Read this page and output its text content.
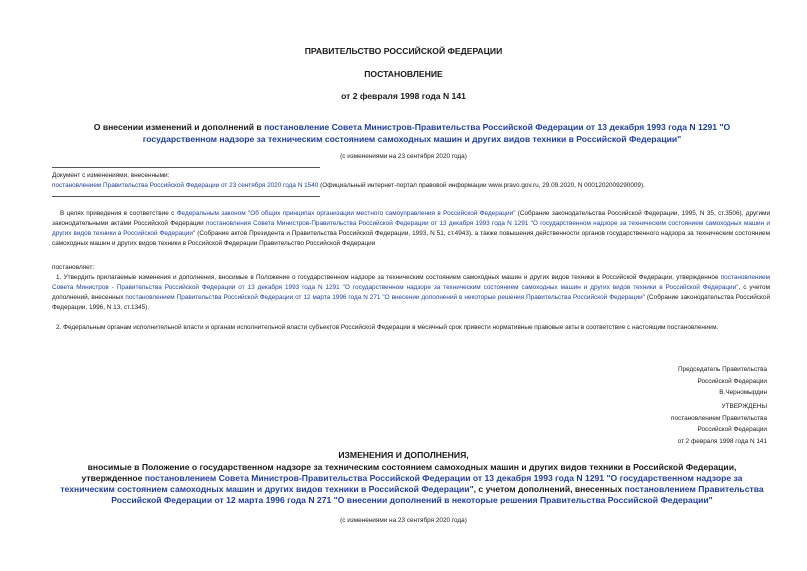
ПРАВИТЕЛЬСТВО РОССИЙСКОЙ ФЕДЕРАЦИИ
ПОСТАНОВЛЕНИЕ
от 2 февраля 1998 года N 141
О внесении изменений и дополнений в постановление Совета Министров-Правительства Российской Федерации от 13 декабря 1993 года N 1291 "О государственном надзоре за техническим состоянием самоходных машин и других видов техники в Российской Федерации"
(с изменениями на 23 сентября 2020 года)
Документ с изменениями, внесенными:
постановлением Правительства Российской Федерации от 23 сентября 2020 года N 1540 (Официальный интернет-портал правовой информации www.pravo.gov.ru, 29.09.2020, N 0001202009290009).
В целях приведения в соответствие с Федеральным законом "Об общих принципах организации местного самоуправления в Российской Федерации" (Собрание законодательства Российской Федерации, 1995, N 35, ст.3506), другими законодательными актами Российской Федерации постановления Совета Министров-Правительства Российской Федерации от 13 декабря 1993 года N 1291 "О государственном надзоре за техническим состоянием самоходных машин и других видов техники в Российской Федерации" (Собрание актов Президента и Правительства Российской Федерации, 1993, N 51, ст.4943), а также повышения действенности органов государственного надзора за техническим состоянием самоходных машин и других видов техники в Российской Федерации Правительство Российской Федерации
постановляет:
1. Утвердить прилагаемые изменения и дополнения, вносимые в Положение о государственном надзоре за техническим состоянием самоходных машин и других видов техники в Российской Федерации, утвержденное постановлением Совета Министров - Правительства Российской Федерации от 13 декабря 1993 года N 1291 "О государственном надзоре за техническим состоянием самоходных машин и других видов техники в Российской Федерации", с учетом дополнений, внесенных постановлением Правительства Российской Федерации от 12 марта 1996 года N 271 "О внесении дополнений в некоторые решения Правительства Российской Федерации" (Собрание законодательства Российской Федерации, 1996, N 13, ст.1345).
2. Федеральным органам исполнительной власти и органам исполнительной власти субъектов Российской Федерации в месячный срок привести нормативные правовые акты в соответствие с настоящим постановлением.
Председатель Правительства
Российской Федерации
В.Черномырдин
УТВЕРЖДЕНЫ
постановлением Правительства
Российской Федерации
от 2 февраля 1998 года N 141
ИЗМЕНЕНИЯ И ДОПОЛНЕНИЯ,
вносимые в Положение о государственном надзоре за техническим состоянием самоходных машин и других видов техники в Российской Федерации, утвержденное постановлением Совета Министров-Правительства Российской Федерации от 13 декабря 1993 года N 1291 "О государственном надзоре за техническим состоянием самоходных машин и других видов техники в Российской Федерации", с учетом дополнений, внесенных постановлением Правительства Российской Федерации от 12 марта 1996 года N 271 "О внесении дополнений в некоторые решения Правительства Российской Федерации"
(с изменениями на 23 сентября 2020 года)
